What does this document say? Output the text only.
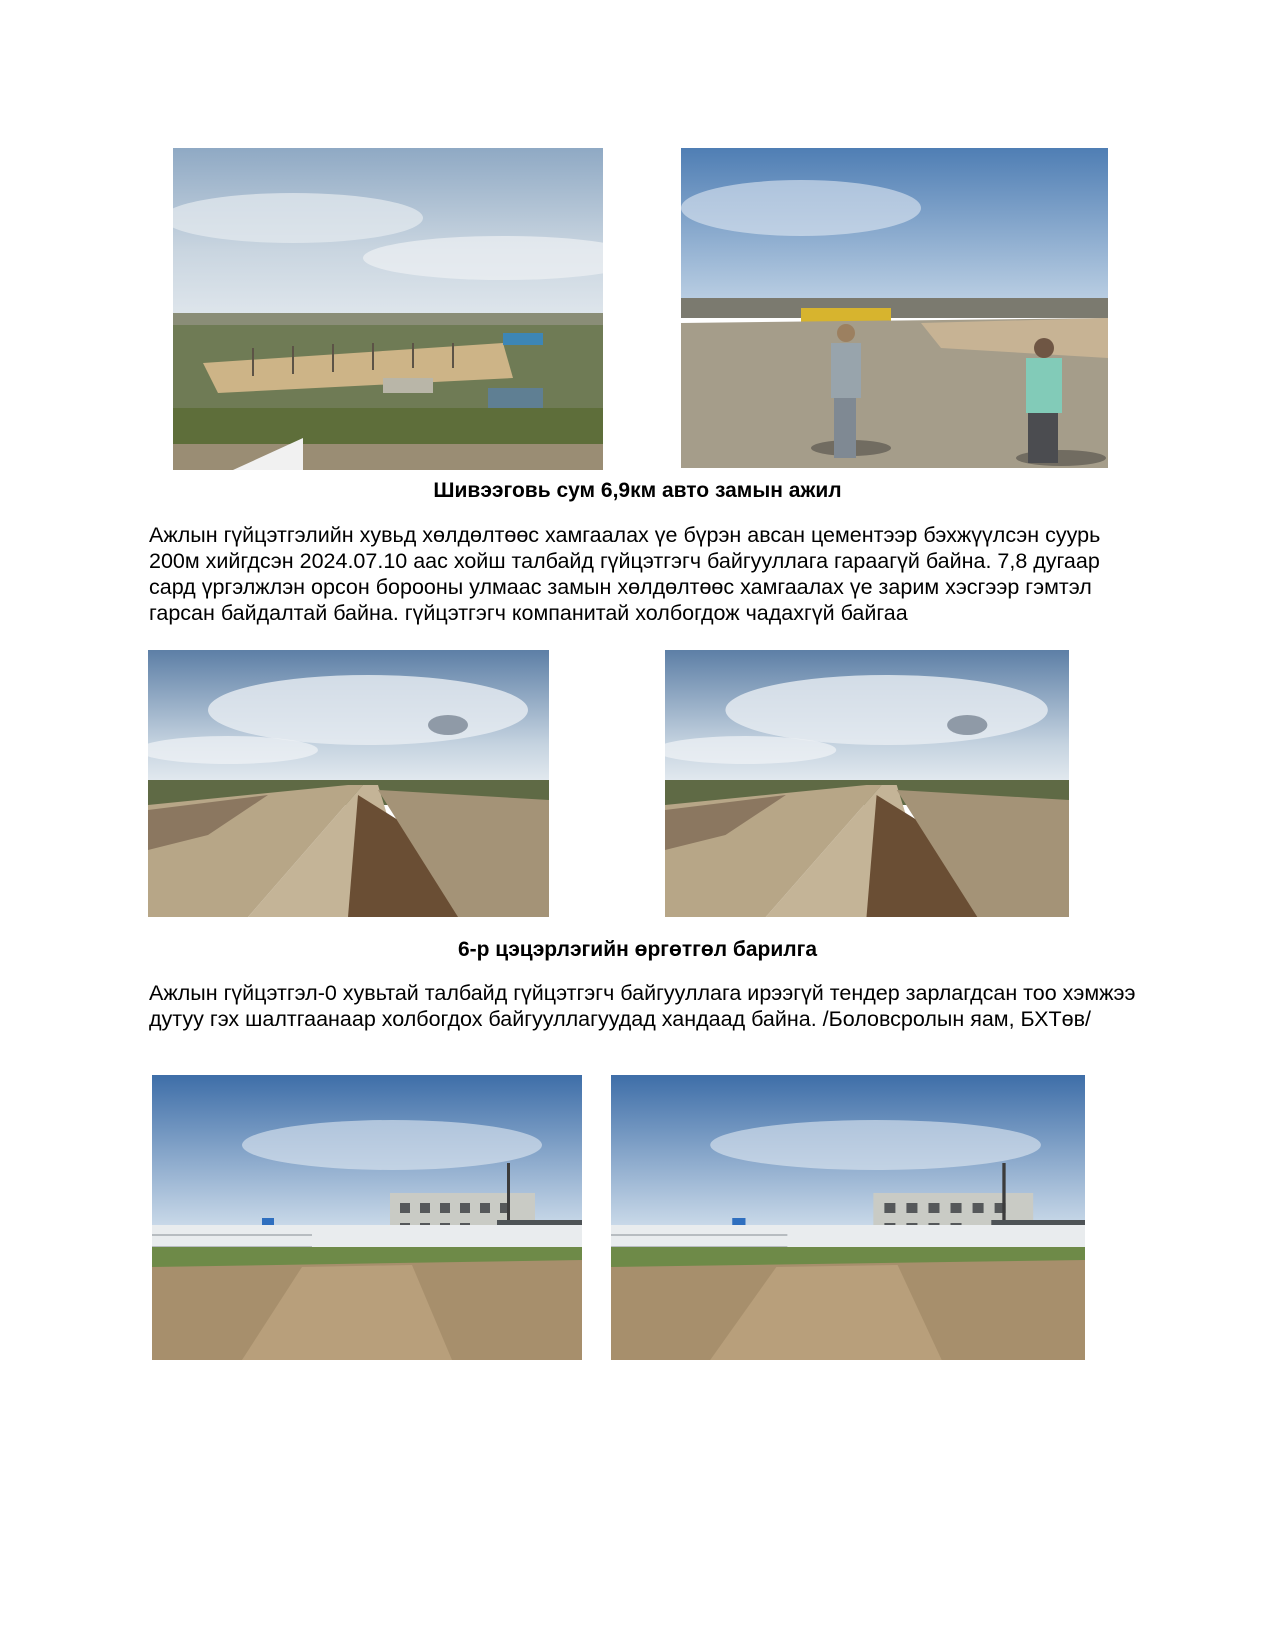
Шивээговь сум 6,9км авто замын ажил

Ажлын гүйцэтгэлийн хувьд хөлдөлтөөс хамгаалах үе бүрэн авсан цементээр бэхжүүлсэн суурь 200м хийгдсэн 2024.07.10 аас хойш талбайд гүйцэтгэгч байгууллага гараагүй байна. 7,8 дугаар сард үргэлжлэн орсон борооны улмаас замын хөлдөлтөөс хамгаалах үе зарим хэсгээр гэмтэл гарсан байдалтай байна. гүйцэтгэгч компанитай холбогдож чадахгүй байгаа

6-р цэцэрлэгийн өргөтгөл барилга

Ажлын гүйцэтгэл-0 хувьтай талбайд гүйцэтгэгч байгууллага ирээгүй тендер зарлагдсан тоо хэмжээ дутуу гэх шалтгаанаар холбогдох байгууллагуудад хандаад байна. /Боловсролын яам, БХТөв/
